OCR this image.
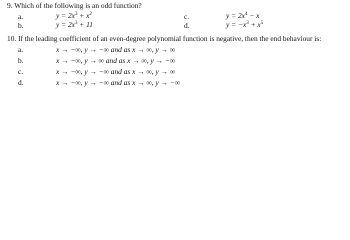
9. Which of the following is an odd function?
a.	$y = 2x^3 + x^2$
b.	$y = 2x^3 + 11$
c.	$y = 2x^4 - x$
d.	$y = -x^3 + x^5$
10. If the leading coefficient of an even-degree polynomial function is negative, then the end behaviour is:
a.	x → −∞, y → −∞ and as x → ∞, y → ∞
b.	x → −∞, y → ∞ and as x → ∞, y → −∞
c.	x → −∞, y → −∞ and as x → ∞, y → ∞
d.	x → −∞, y → −∞ and as x → ∞, y → −∞
